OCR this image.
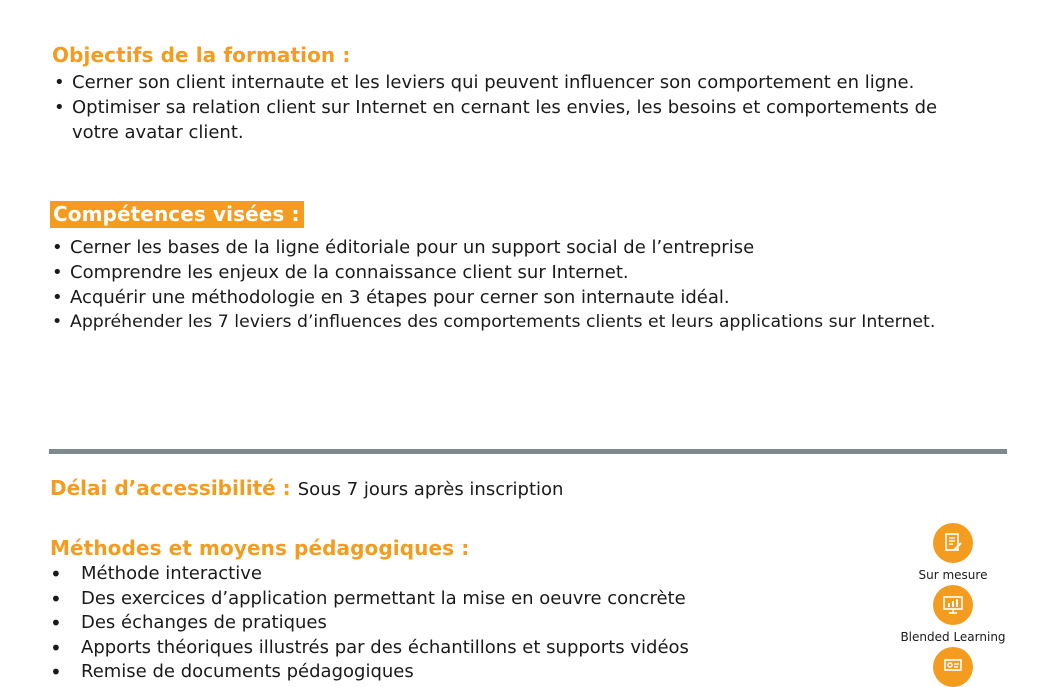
Objectifs de la formation :
• Cerner son client internaute et les leviers qui peuvent influencer son comportement en ligne.
• Optimiser sa relation client sur Internet en cernant les envies, les besoins et comportements de votre avatar client.
Compétences visées :
• Cerner les bases de la ligne éditoriale pour un support social de l’entreprise
• Comprendre les enjeux de la connaissance client sur Internet.
• Acquérir une méthodologie en 3 étapes pour cerner son internaute idéal.
• Appréhender les 7 leviers d’influences des comportements clients et leurs applications sur Internet.
Délai d’accessibilité : Sous 7 jours après inscription
Méthodes et moyens pédagogiques :
• Méthode interactive
• Des exercices d’application permettant la mise en oeuvre concrète
• Des échanges de pratiques
• Apports théoriques illustrés par des échantillons et supports vidéos
• Remise de documents pédagogiques
Sur mesure
Blended Learning
